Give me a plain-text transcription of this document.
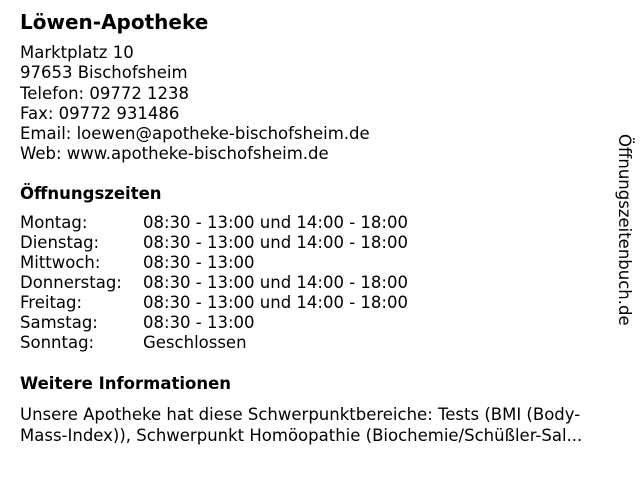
Löwen-Apotheke
Marktplatz 10
97653 Bischofsheim
Telefon: 09772 1238
Fax: 09772 931486
Email: loewen@apotheke-bischofsheim.de
Web: www.apotheke-bischofsheim.de
Öffnungszeiten
Montag:	08:30 - 13:00 und 14:00 - 18:00
Dienstag:	08:30 - 13:00 und 14:00 - 18:00
Mittwoch:	08:30 - 13:00
Donnerstag: 08:30 - 13:00 und 14:00 - 18:00
Freitag:	08:30 - 13:00 und 14:00 - 18:00
Samstag:	08:30 - 13:00
Sonntag:	Geschlossen
Weitere Informationen
Unsere Apotheke hat diese Schwerpunktbereiche: Tests (BMI (Body-
Mass-Index)), Schwerpunkt Homöopathie (Biochemie/Schüßler-Sal...
Öffnungszeitenbuch.de
